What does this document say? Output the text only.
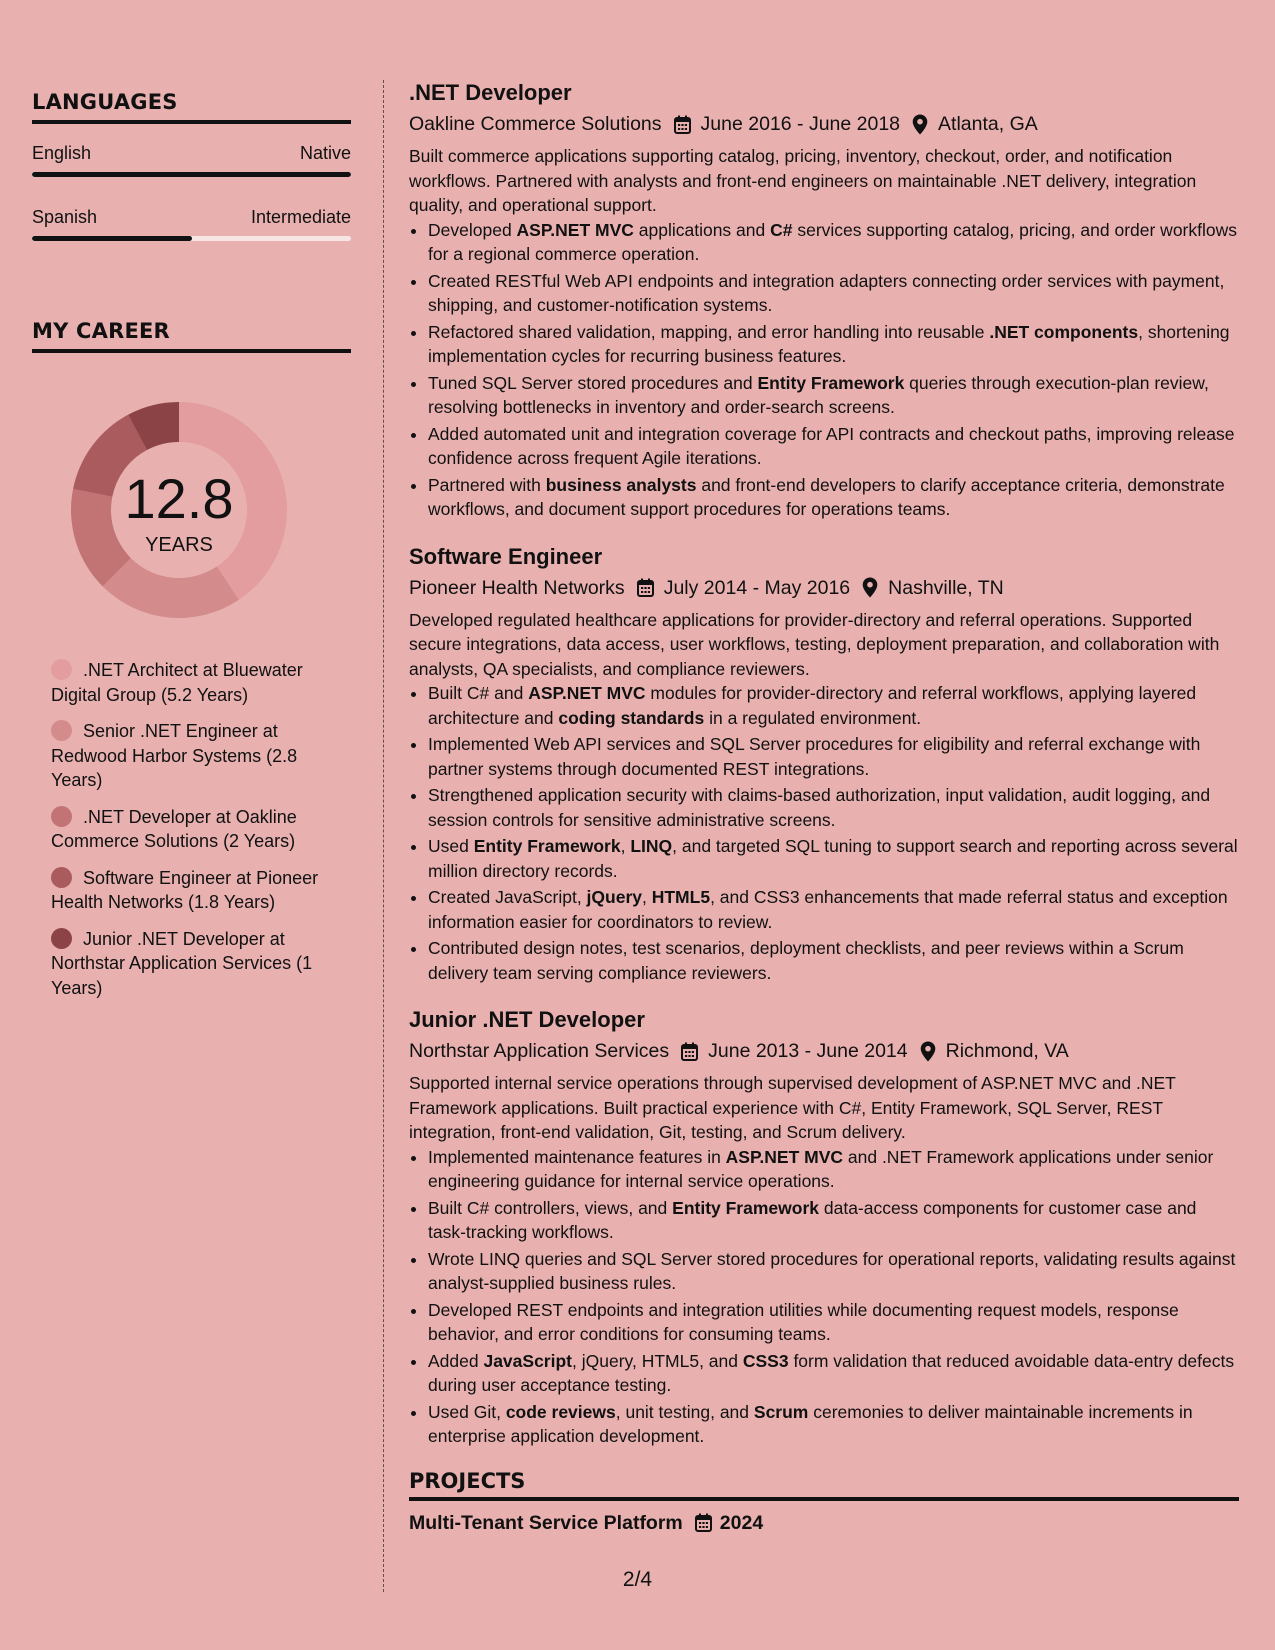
LANGUAGES
English	Native
Spanish	Intermediate
MY CAREER
12.8
YEARS
.NET Architect at Bluewater Digital Group (5.2 Years)
Senior .NET Engineer at Redwood Harbor Systems (2.8 Years)
.NET Developer at Oakline Commerce Solutions (2 Years)
Software Engineer at Pioneer Health Networks (1.8 Years)
Junior .NET Developer at Northstar Application Services (1 Years)
.NET Developer
Oakline Commerce Solutions June 2016 - June 2018 Atlanta, GA

Built commerce applications supporting catalog, pricing, inventory, checkout, order, and notification workflows. Partnered with analysts and front-end engineers on maintainable .NET delivery, integration quality, and operational support.

• Developed ASP.NET MVC applications and C# services supporting catalog, pricing, and order workflows for a regional commerce operation.
• Created RESTful Web API endpoints and integration adapters connecting order services with payment, shipping, and customer-notification systems.
• Refactored shared validation, mapping, and error handling into reusable .NET components, shortening implementation cycles for recurring business features.
• Tuned SQL Server stored procedures and Entity Framework queries through execution-plan review, resolving bottlenecks in inventory and order-search screens.
• Added automated unit and integration coverage for API contracts and checkout paths, improving release confidence across frequent Agile iterations.
• Partnered with business analysts and front-end developers to clarify acceptance criteria, demonstrate workflows, and document support procedures for operations teams.
Software Engineer
Pioneer Health Networks July 2014 - May 2016 Nashville, TN

Developed regulated healthcare applications for provider-directory and referral operations. Supported secure integrations, data access, user workflows, testing, deployment preparation, and collaboration with analysts, QA specialists, and compliance reviewers.

• Built C# and ASP.NET MVC modules for provider-directory and referral workflows, applying layered architecture and coding standards in a regulated environment.
• Implemented Web API services and SQL Server procedures for eligibility and referral exchange with partner systems through documented REST integrations.
• Strengthened application security with claims-based authorization, input validation, audit logging, and session controls for sensitive administrative screens.
• Used Entity Framework, LINQ, and targeted SQL tuning to support search and reporting across several million directory records.
• Created JavaScript, jQuery, HTML5, and CSS3 enhancements that made referral status and exception information easier for coordinators to review.
• Contributed design notes, test scenarios, deployment checklists, and peer reviews within a Scrum delivery team serving compliance reviewers.
Junior .NET Developer
Northstar Application Services June 2013 - June 2014 Richmond, VA

Supported internal service operations through supervised development of ASP.NET MVC and .NET Framework applications. Built practical experience with C#, Entity Framework, SQL Server, REST integration, front-end validation, Git, testing, and Scrum delivery.

• Implemented maintenance features in ASP.NET MVC and .NET Framework applications under senior engineering guidance for internal service operations.
• Built C# controllers, views, and Entity Framework data-access components for customer case and task-tracking workflows.
• Wrote LINQ queries and SQL Server stored procedures for operational reports, validating results against analyst-supplied business rules.
• Developed REST endpoints and integration utilities while documenting request models, response behavior, and error conditions for consuming teams.
• Added JavaScript, jQuery, HTML5, and CSS3 form validation that reduced avoidable data-entry defects during user acceptance testing.
• Used Git, code reviews, unit testing, and Scrum ceremonies to deliver maintainable increments in enterprise application development.
PROJECTS
Multi-Tenant Service Platform 2024
2/4
